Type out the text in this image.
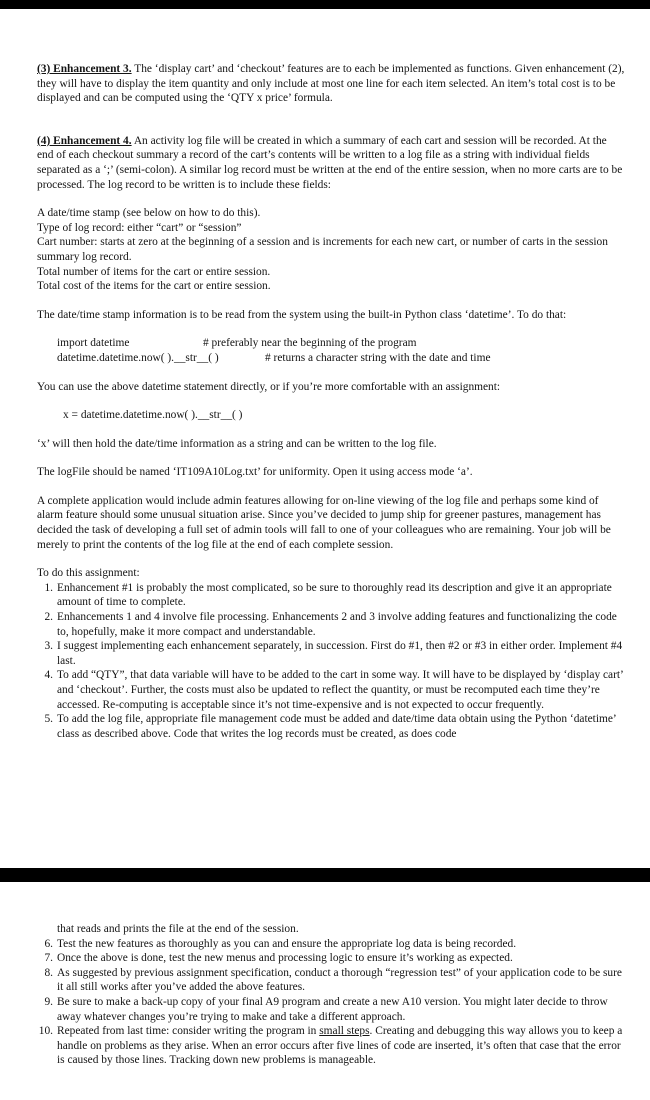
(3) Enhancement 3. The ‘display cart’ and ‘checkout’ features are to each be implemented as functions. Given enhancement (2), they will have to display the item quantity and only include at most one line for each item selected. An item’s total cost is to be displayed and can be computed using the ‘QTY x price’ formula.

(4) Enhancement 4. An activity log file will be created in which a summary of each cart and session will be recorded. At the end of each checkout summary a record of the cart’s contents will be written to a log file as a string with individual fields separated as a ‘;’ (semi-colon). A similar log record must be written at the end of the entire session, when no more carts are to be processed. The log record to be written is to include these fields:

A date/time stamp (see below on how to do this).

Type of log record: either “cart” or “session”

Cart number: starts at zero at the beginning of a session and is increments for each new cart, or number of carts in the session summary log record.

Total number of items for the cart or entire session.

Total cost of the items for the cart or entire session.

The date/time stamp information is to be read from the system using the built-in Python class ‘datetime’. To do that:

import datetime	# preferably near the beginning of the program
datetime.datetime.now( ).__str__( )	# returns a character string with the date and time

You can use the above datetime statement directly, or if you’re more comfortable with an assignment:

x = datetime.datetime.now( ).__str__( )

‘x’ will then hold the date/time information as a string and can be written to the log file.

The logFile should be named ‘IT109A10Log.txt’ for uniformity. Open it using access mode ‘a’.

A complete application would include admin features allowing for on-line viewing of the log file and perhaps some kind of alarm feature should some unusual situation arise. Since you’ve decided to jump ship for greener pastures, management has decided the task of developing a full set of admin tools will fall to one of your colleagues who are remaining. Your job will be merely to print the contents of the log file at the end of each complete session.

To do this assignment:

1. Enhancement #1 is probably the most complicated, so be sure to thoroughly read its description and give it an appropriate amount of time to complete.
2. Enhancements 1 and 4 involve file processing. Enhancements 2 and 3 involve adding features and functionalizing the code to, hopefully, make it more compact and understandable.
3. I suggest implementing each enhancement separately, in succession. First do #1, then #2 or #3 in either order. Implement #4 last.
4. To add “QTY”, that data variable will have to be added to the cart in some way. It will have to be displayed by ‘display cart’ and ‘checkout’. Further, the costs must also be updated to reflect the quantity, or must be recomputed each time they’re accessed. Re-computing is acceptable since it’s not time-expensive and is not expected to occur frequently.
5. To add the log file, appropriate file management code must be added and date/time data obtain using the Python ‘datetime’ class as described above. Code that writes the log records must be created, as does code

that reads and prints the file at the end of the session.

6. Test the new features as thoroughly as you can and ensure the appropriate log data is being recorded.
7. Once the above is done, test the new menus and processing logic to ensure it’s working as expected.
8. As suggested by previous assignment specification, conduct a thorough “regression test” of your application code to be sure it all still works after you’ve added the above features.
9. Be sure to make a back-up copy of your final A9 program and create a new A10 version. You might later decide to throw away whatever changes you’re trying to make and take a different approach.
10. Repeated from last time: consider writing the program in small steps. Creating and debugging this way allows you to keep a handle on problems as they arise. When an error occurs after five lines of code are inserted, it’s often that case that the error is caused by those lines. Tracking down new problems is manageable.
